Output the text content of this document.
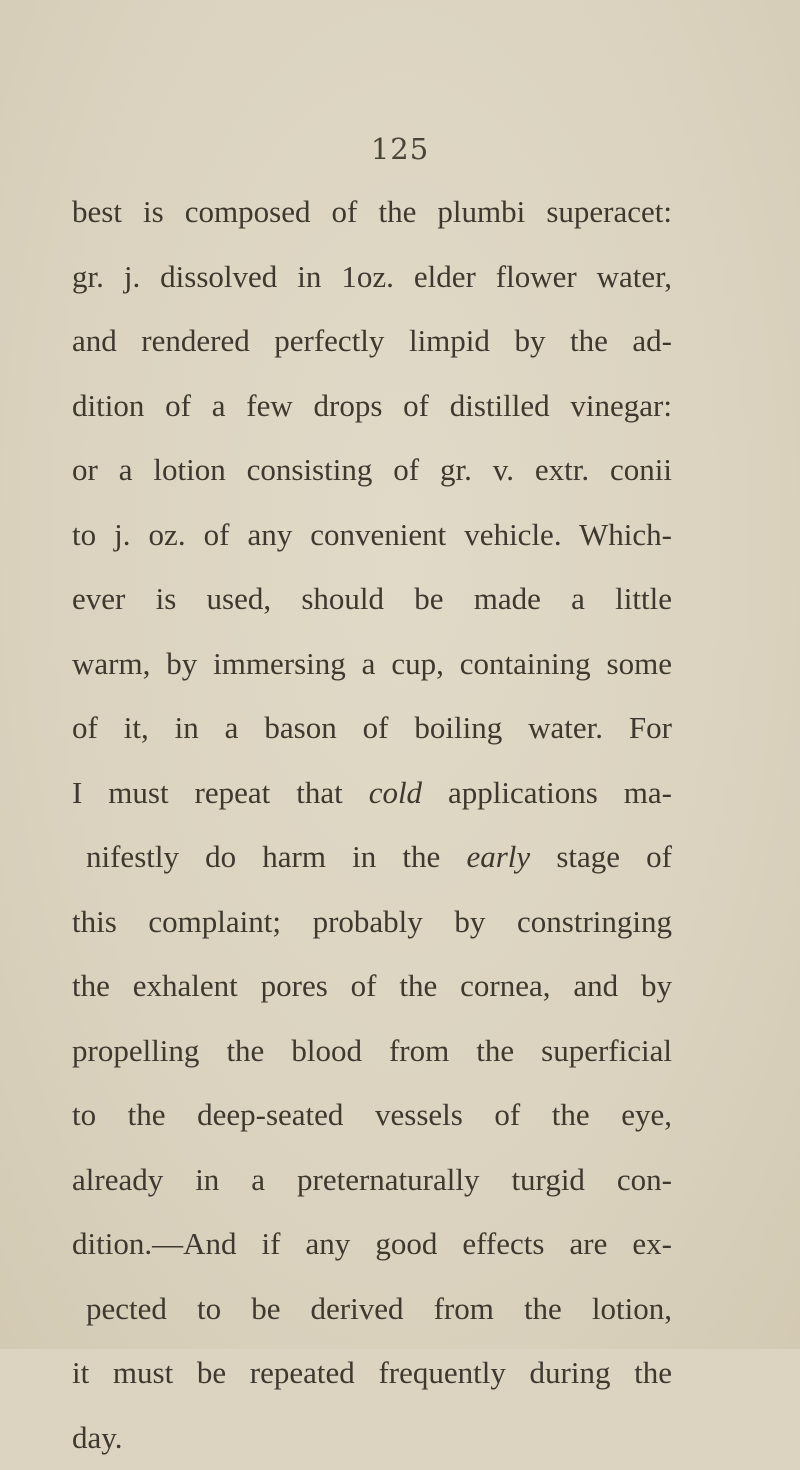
125
best is composed of the plumbi superacet:
gr. j. dissolved in 1oz. elder flower water,
and rendered perfectly limpid by the ad-
dition of a few drops of distilled vinegar:
or a lotion consisting of gr. v. extr. conii
to j. oz. of any convenient vehicle. Which-
ever is used, should be made a little
warm, by immersing a cup, containing some
of it, in a bason of boiling water. For
I must repeat that cold applications ma-
nifestly do harm in the early stage of
this complaint; probably by constringing
the exhalent pores of the cornea, and by
propelling the blood from the superficial
to the deep-seated vessels of the eye,
already in a preternaturally turgid con-
dition.—And if any good effects are ex-
pected to be derived from the lotion,
it must be repeated frequently during the
day.
